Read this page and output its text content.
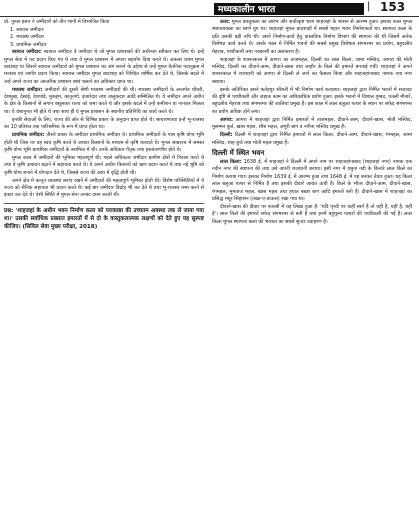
मध्यकालीन भारत	| 153

प्रो. नुरुल हसन ने जमींदारों को तीन भागों में विभाजित किया

1. स्वायत्त जमींदार
2. मध्यस्थ जमींदार
3. प्राथमिक जमींदार

स्वायत्त जमींदार: स्वायत्त जमींदार वे जमींदार थे जो मुगल प्रशासकों की अधीनता स्वीकार कर लिए थे। इन्हें मुगल सेवा में पद प्रदान किए गए थे तथा वे मुगल प्रशासन में अपना सहयोग दिया करते थे। अकबर प्रथम मुगल बादशाह था जिसने स्वायत्त जमींदारों को मुगल प्रशासन का अंग बनाने के उद्देश्य से उन्हें मुगल वैतनिक पदानुक्रम में मनसब एवं जागीर प्रदान किया। स्वायत्त जमींदार मुगल बादशाह को निश्चित वार्षिक कर देते थे, जिसके बदले में उन्हें अपने राज्य का आन्तरिक प्रशासन स्वयं चलाने का अधिकार प्राप्त था।

मध्यस्थ जमींदार: जमींदारों की दूसरी श्रेणी मध्यस्थ जमींदारों की थी। मध्यस्थ जमींदारों के अन्तर्गत चौधरी, देशमुख, देसाई, देशपांडे, मुकद्दम, कानूनगो, इजारेदार तथा तालुकदार आदि सम्मिलित थे। ये जमींदार अपने अधीन के क्षेत्र के किसानों से लगान वसूलकर राज्य को जमा करते थे और इसके बदले में उन्हें कमीशन या नानकर मिलता था। ये वंशानुगत भी होते थे तथा साथ ही ये मुगल प्रशासन के स्थानीय प्रतिनिधि का कार्य करते थे।

इनकी सेवाओं के लिए, राज्य की ओर से विभिन्न प्रकार के अनुदान प्राप्त होते थे। साधारणतया इन्हें भू-राजस्व का 10 प्रतिशत तक पारिश्रमिक के रूप में प्राप्त होता था।

प्राथमिक जमींदार: तीसरे प्रकार के जमींदार प्राथमिक जमींदार थे। प्राथमिक जमींदारों के पास कृषि योग्य भूमि होती थी जिस पर वह स्वयं कृषि करते थे अथवा किसानों के माध्यम से कृषि करवाते थे। मुगल साम्राज्य में समस्त कृषि योग्य भूमि प्राथमिक जमींदारों के स्वामित्व में थी। उनके अधिकार पैतृक तथा हस्तांतरणीय होते थे।

मुगल काल में जमींदारों की भूमिका महत्वपूर्ण थी। पहले अधिकतर जमींदार ग्रामीण क्षेत्रों में निवास करते थे तथा वे कृषि उत्पादन बढ़ाने में सहायता करते थे। ये अपने अधीन किसानों को ऋण प्रदान करते थे तथा नई भूमि को कृषि योग्य बनाने में योगदान देते थे, जिससे राज्य की आय में वृद्धि होती थी।

अपने क्षेत्र में कानून व्यवस्था बनाए रखने में जमींदारों की महत्वपूर्ण भूमिका होती थी। विशेष परिस्थितियों में ये राज्य को सैनिक सहायता भी प्रदान करते थे। कई बार जमींदार विद्रोह भी कर देते थे तथा भू-राजस्व जमा करने से इंकार कर देते थे। ऐसी स्थिति में मुगल सेना उनका दमन करती थी।

प्रश्न: 'शाहजहां के अधीन भवन निर्माण कला को पराकाष्ठा की उच्चतम अवस्था तक ले जाया गया था।' उसकी सर्वाधिक प्रख्यात इमारतों में से दो के वास्तुकलात्मक लक्षणों को देते हुए यह सुस्पष्ट कीजिए। (सिविल सेवा मुख्य परीक्षा, 2018)

उत्तर: मुगल वास्तुकला का आरंभ और सर्वोत्कृष्ट चरम शाहजहां के शासन से आरम्भ हुआ। इसका काल मुगल स्थापत्यकला का स्वर्ण युग था। शाहजहां मुगल बादशाहों में सबसे महान भवन निर्माणकर्ता था। स्थापत्य कला के प्रति उसकी बड़ी रुचि थी। उसने निर्माण-कार्य हेतु वास्तविक निर्माण विभाग की स्थापना की थी जिसमें अनेक विशेषज्ञ कार्य करते थे। उसके काल में निर्मित भवनों की सबसे प्रमुख विशेषता संगमरमर का प्रयोग, बहुदलीय मेहराब, पच्चीकारी तथा नक्काशी का अलंकरण है।

शाहजहां के शासनकाल में आगरा का ताजमहल, दिल्ली का लाल किला, जामा मस्जिद, आगरा की मोती मस्जिद, दिल्ली का दीवाने-आम, दीवाने-खास तथा लाहौर के किले की इमारतें बनवाई गयीं। शाहजहां ने अपने शासनकाल में राजधानी को आगरा से दिल्ली ले जाने का फैसला किया और शाहजहांनाबाद नामक नया नगर बसाया।

इसके अतिरिक्त उसने फतेहपुर सीकरी में भी निर्माण कार्य करवाया। शाहजहां द्वारा निर्मित भवनों में सजावट की दृष्टि से पच्चीकारी और जड़ाऊ काम का अधिकाधिक प्रयोग हुआ। इसके भवनों में विशाल गुम्बद, पतली मीनारें, बहुदलीय मेहराब तथा संगमरमर की जालियां प्रमुख हैं। इस काल में लाल बलुआ पत्थर के स्थान पर सफेद संगमरमर का प्रयोग अधिक होने लगा।

आगरा: आगरा में शाहजहां द्वारा निर्मित इमारतों में ताजमहल, दीवाने-आम, दीवाने-खास, मोती मस्जिद, मुसम्मन बुर्ज, खास महल, शीश महल, अंगूरी बाग व नगीना मस्जिद प्रमुख हैं।

दिल्ली: दिल्ली में शाहजहां द्वारा निर्मित इमारतों में लाल किला, दीवाने-आम, दीवाने-खास, रंगमहल, जामा मस्जिद, शाह बुर्ज तथा मोती महल प्रमुख हैं।

दिल्ली में स्थित भवन

लाल किला: 1638 ई. में शाहजहां ने दिल्ली में अपने नाम पर शाहजहांनाबाद (शाहजहां नगर) नामक एक नवीन नगर की स्थापना की तथा उसे अपनी राजधानी बनाया। इसी नगर में यमुना नदी के किनारे लाल किले का निर्माण कराया गया। इसका निर्माण 1639 ई. में आरम्भ हुआ तथा 1648 ई. में यह बनकर तैयार हुआ। यह किला लाल बलुआ पत्थर से निर्मित है तथा इसकी दीवारें अत्यंत ऊंची हैं। किले के भीतर दीवाने-आम, दीवाने-खास, रंगमहल, मुमताज महल, खास महल तथा हयात बख्श बाग आदि इमारतें बनी हैं। दीवाने-खास में शाहजहां का प्रसिद्ध मयूर सिंहासन (तख्त-ए-ताऊस) रखा गया था।

दीवाने-खास की दीवार पर फारसी में यह लिखा हुआ है: 'यदि पृथ्वी पर कहीं स्वर्ग है तो यहीं है, यहीं है, यहीं है'। लाल किले की इमारतें सफेद संगमरमर से बनी हैं तथा इनमें बहुमूल्य पत्थरों की पच्चीकारी की गई है। लाल किला मुगल स्थापत्य कला की भव्यता का सबसे सुन्दर उदाहरण है।
